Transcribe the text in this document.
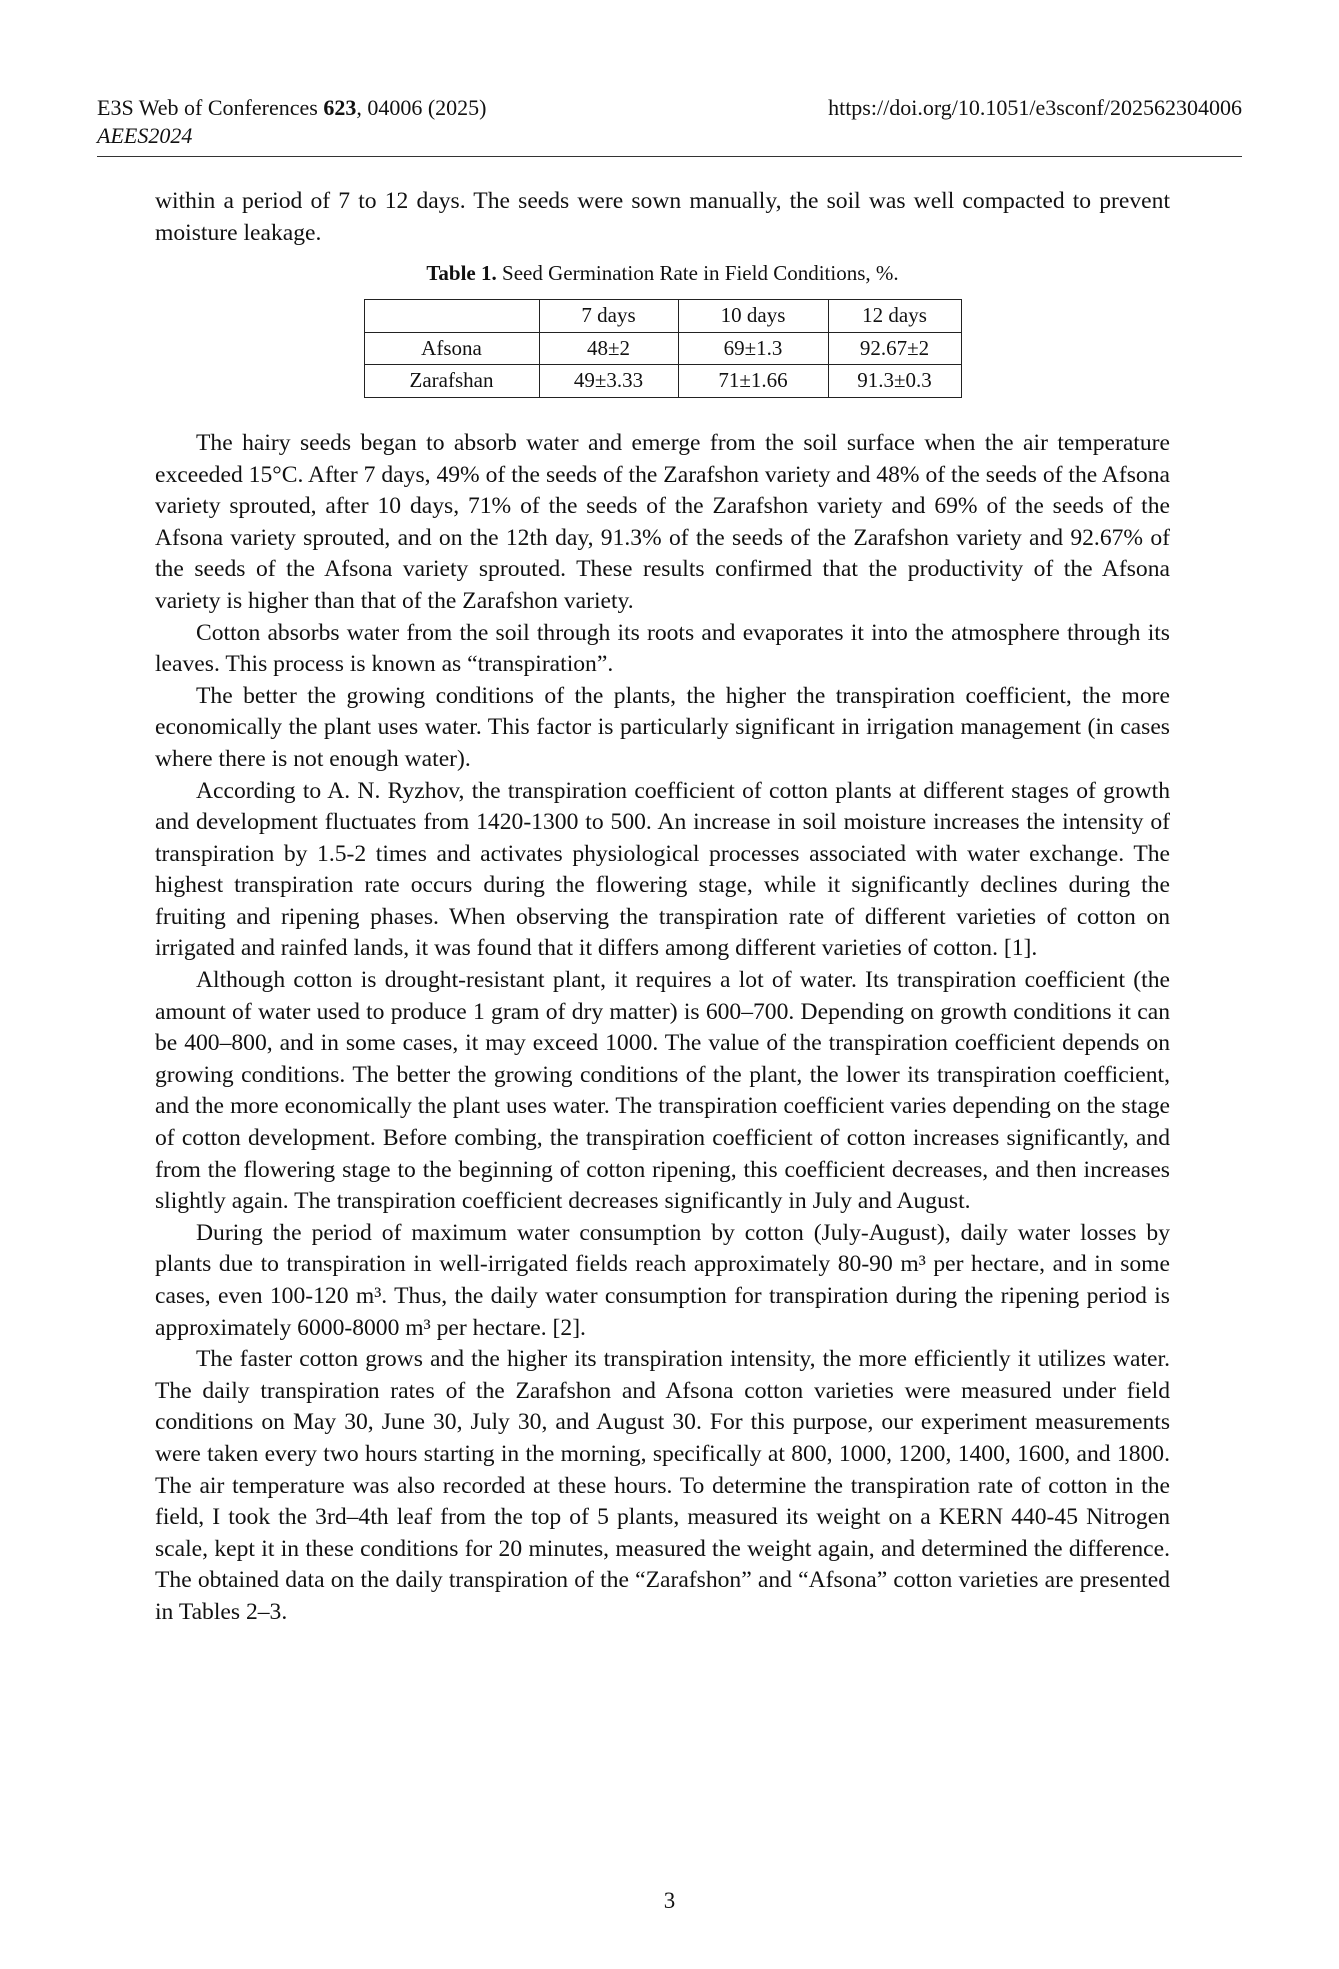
E3S Web of Conferences 623, 04006 (2025)
AEES2024
https://doi.org/10.1051/e3sconf/202562304006

within a period of 7 to 12 days. The seeds were sown manually, the soil was well compacted to prevent moisture leakage.

Table 1. Seed Germination Rate in Field Conditions, %.
	7 days	10 days	12 days
Afsona	48±2	69±1.3	92.67±2
Zarafshan	49±3.33	71±1.66	91.3±0.3

The hairy seeds began to absorb water and emerge from the soil surface when the air temperature exceeded 15°C. After 7 days, 49% of the seeds of the Zarafshon variety and 48% of the seeds of the Afsona variety sprouted, after 10 days, 71% of the seeds of the Zarafshon variety and 69% of the seeds of the Afsona variety sprouted, and on the 12th day, 91.3% of the seeds of the Zarafshon variety and 92.67% of the seeds of the Afsona variety sprouted. These results confirmed that the productivity of the Afsona variety is higher than that of the Zarafshon variety.

Cotton absorbs water from the soil through its roots and evaporates it into the atmosphere through its leaves. This process is known as “transpiration”.

The better the growing conditions of the plants, the higher the transpiration coefficient, the more economically the plant uses water. This factor is particularly significant in irrigation management (in cases where there is not enough water).

According to A. N. Ryzhov, the transpiration coefficient of cotton plants at different stages of growth and development fluctuates from 1420-1300 to 500. An increase in soil moisture increases the intensity of transpiration by 1.5-2 times and activates physiological processes associated with water exchange. The highest transpiration rate occurs during the flowering stage, while it significantly declines during the fruiting and ripening phases. When observing the transpiration rate of different varieties of cotton on irrigated and rainfed lands, it was found that it differs among different varieties of cotton. [1].

Although cotton is drought-resistant plant, it requires a lot of water. Its transpiration coefficient (the amount of water used to produce 1 gram of dry matter) is 600–700. Depending on growth conditions it can be 400–800, and in some cases, it may exceed 1000. The value of the transpiration coefficient depends on growing conditions. The better the growing conditions of the plant, the lower its transpiration coefficient, and the more economically the plant uses water. The transpiration coefficient varies depending on the stage of cotton development. Before combing, the transpiration coefficient of cotton increases significantly, and from the flowering stage to the beginning of cotton ripening, this coefficient decreases, and then increases slightly again. The transpiration coefficient decreases significantly in July and August.

During the period of maximum water consumption by cotton (July-August), daily water losses by plants due to transpiration in well-irrigated fields reach approximately 80-90 m³ per hectare, and in some cases, even 100-120 m³. Thus, the daily water consumption for transpiration during the ripening period is approximately 6000-8000 m³ per hectare. [2].

The faster cotton grows and the higher its transpiration intensity, the more efficiently it utilizes water. The daily transpiration rates of the Zarafshon and Afsona cotton varieties were measured under field conditions on May 30, June 30, July 30, and August 30. For this purpose, our experiment measurements were taken every two hours starting in the morning, specifically at 800, 1000, 1200, 1400, 1600, and 1800. The air temperature was also recorded at these hours. To determine the transpiration rate of cotton in the field, I took the 3rd–4th leaf from the top of 5 plants, measured its weight on a KERN 440-45 Nitrogen scale, kept it in these conditions for 20 minutes, measured the weight again, and determined the difference. The obtained data on the daily transpiration of the “Zarafshon” and “Afsona” cotton varieties are presented in Tables 2–3.

3
